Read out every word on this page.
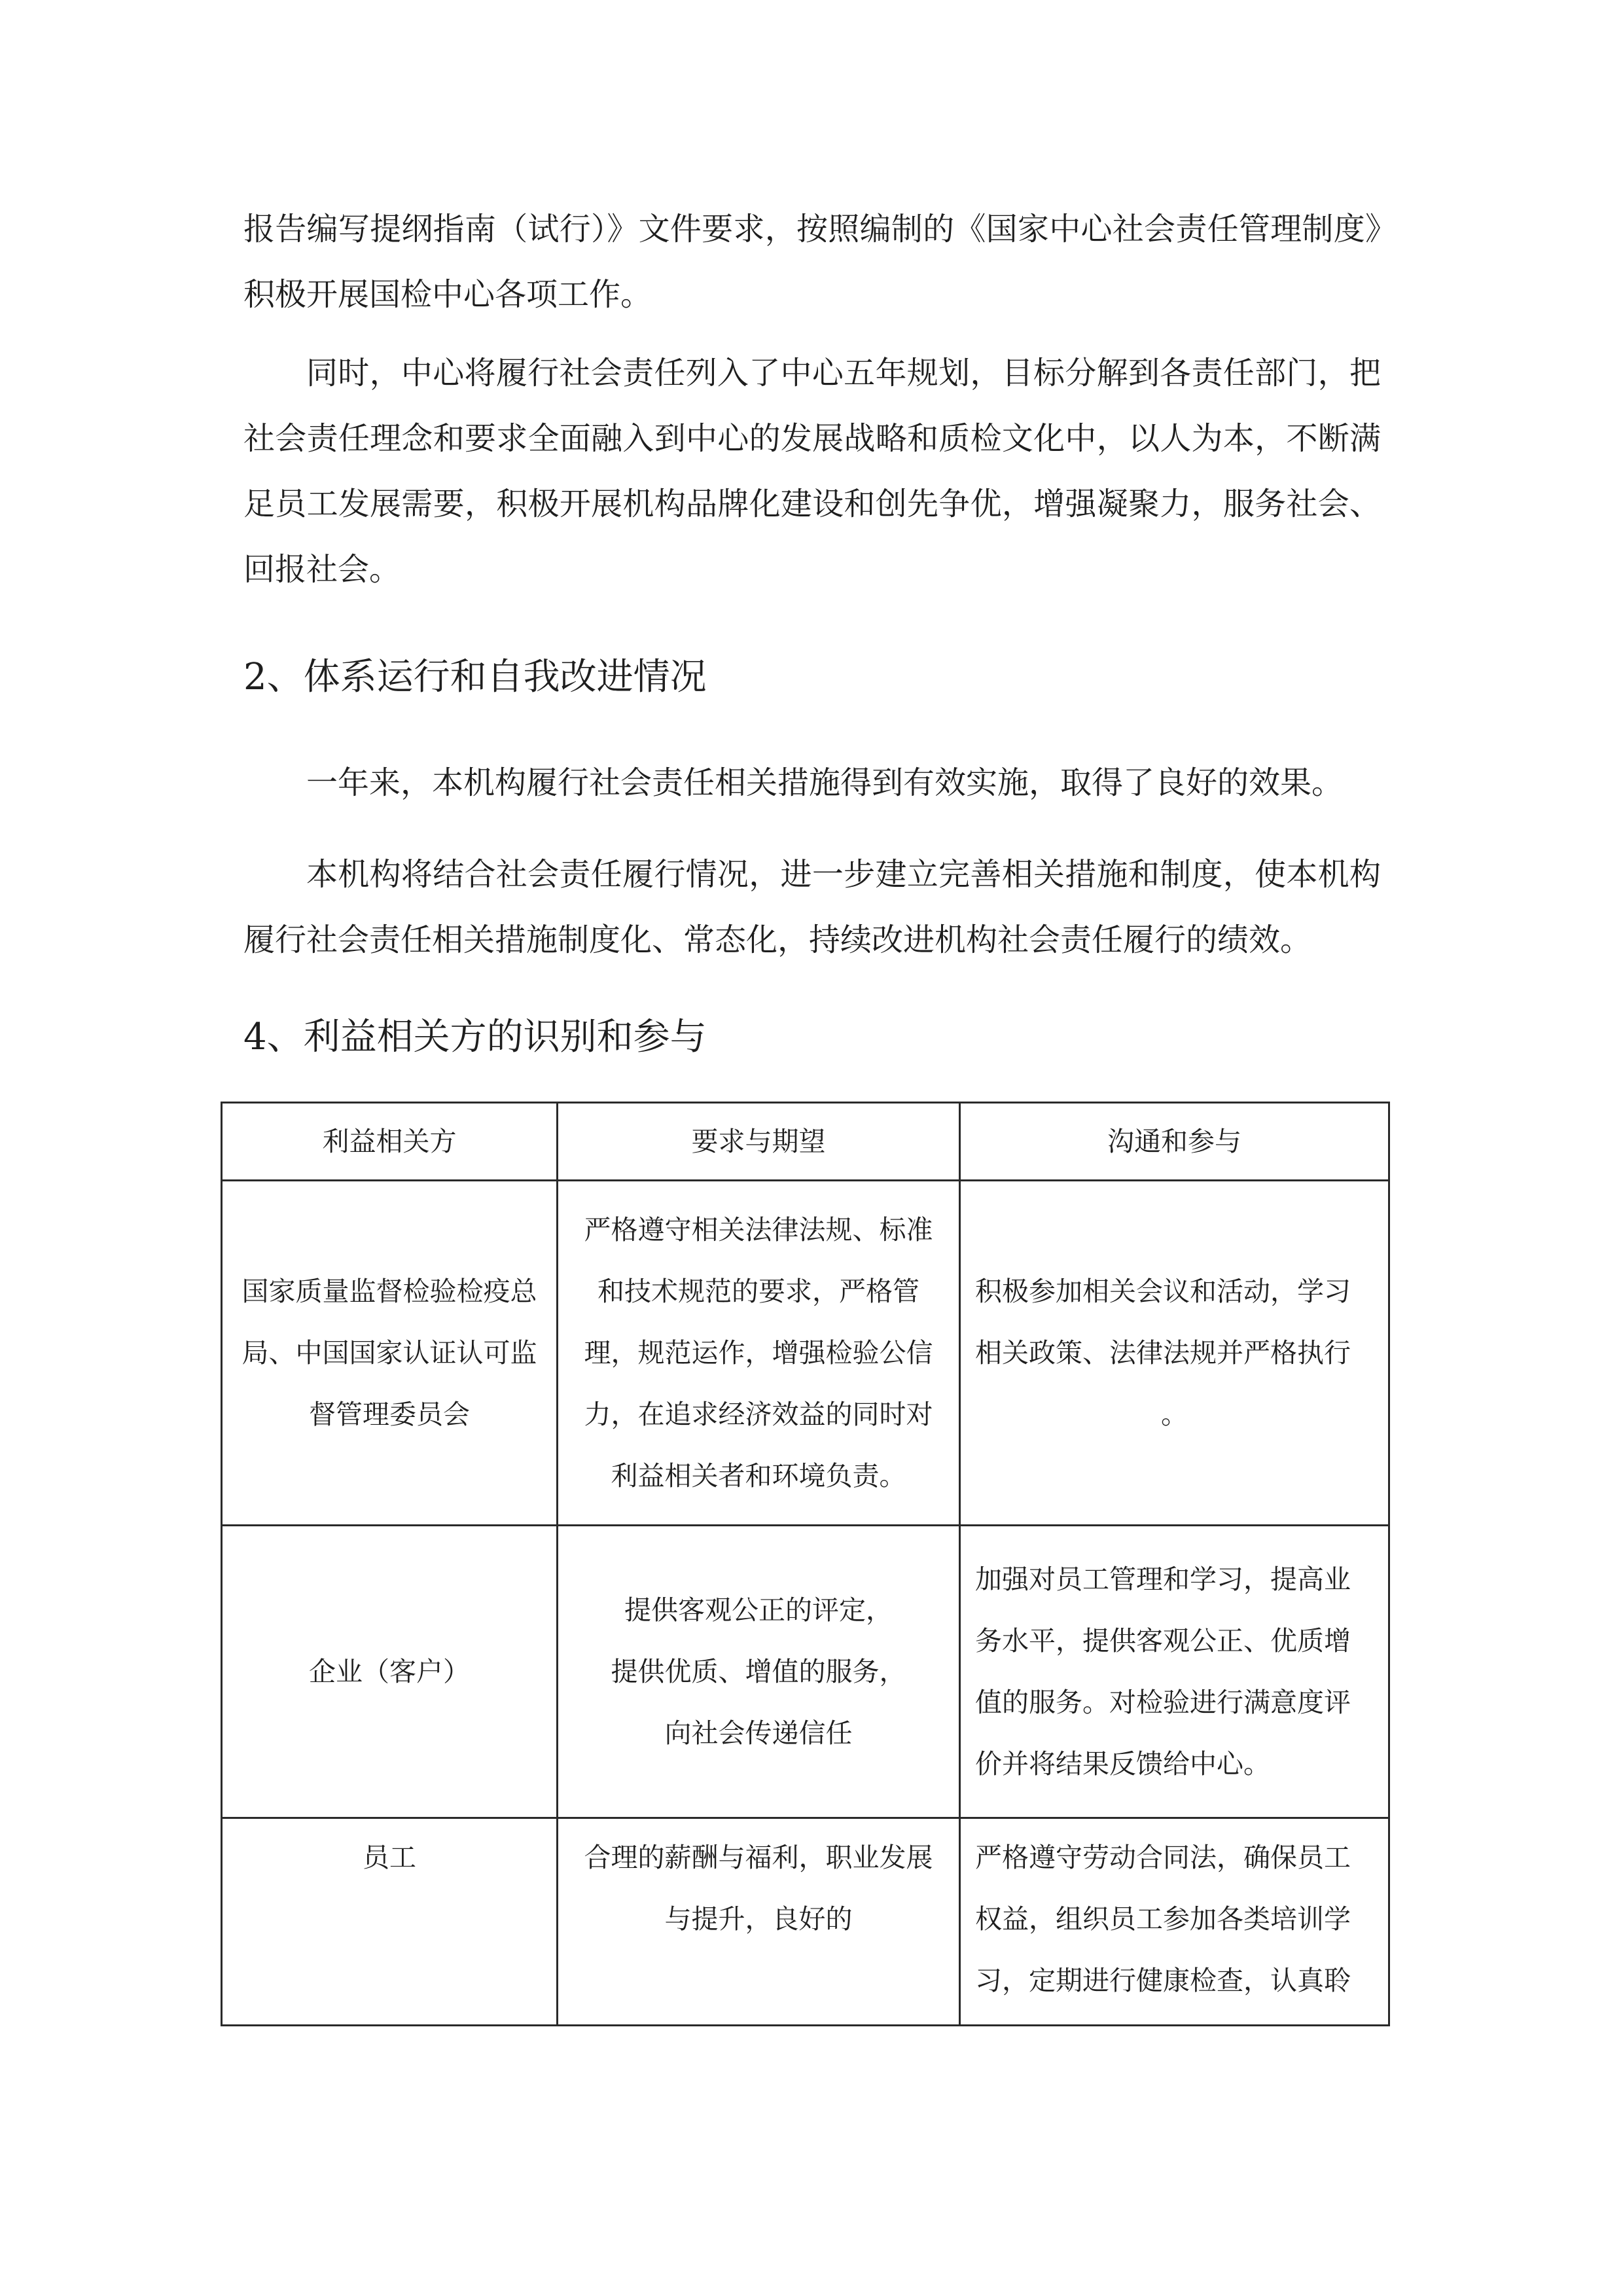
报告编写提纲指南（试行）》文件要求，按照编制的《国家中心社会责任管理制度》积极开展国检中心各项工作。

同时，中心将履行社会责任列入了中心五年规划，目标分解到各责任部门，把社会责任理念和要求全面融入到中心的发展战略和质检文化中，以人为本，不断满足员工发展需要，积极开展机构品牌化建设和创先争优，增强凝聚力，服务社会、回报社会。

2、体系运行和自我改进情况

一年来，本机构履行社会责任相关措施得到有效实施，取得了良好的效果。

本机构将结合社会责任履行情况，进一步建立完善相关措施和制度，使本机构履行社会责任相关措施制度化、常态化，持续改进机构社会责任履行的绩效。

4、利益相关方的识别和参与
利益相关方	要求与期望	沟通和参与
国家质量监督检验检疫总局、中国国家认证认可监督管理委员会	严格遵守相关法律法规、标准和技术规范的要求，严格管理，规范运作，增强检验公信力，在追求经济效益的同时对利益相关者和环境负责。	积极参加相关会议和活动，学习相关政策、法律法规并严格执行
。

企业（客户）	提供客观公正的评定，
提供优质、增值的服务，
向社会传递信任	加强对员工管理和学习，提高业务水平，提供客观公正、优质增值的服务。对检验进行满意度评价并将结果反馈给中心。
员工	合理的薪酬与福利，职业发展与提升，良好的	严格遵守劳动合同法，确保员工权益，组织员工参加各类培训学习，定期进行健康检查，认真聆
